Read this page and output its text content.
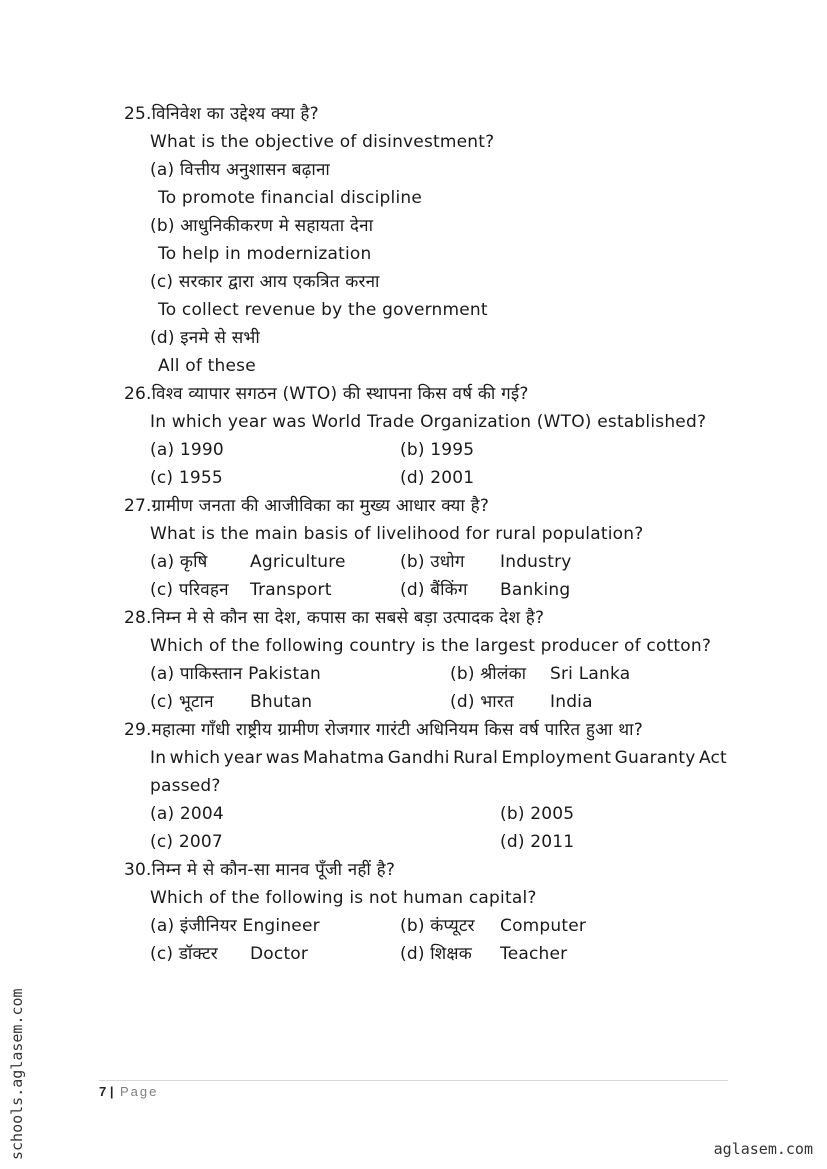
25.विनिवेश का उद्देश्य क्या है?
What is the objective of disinvestment?
(a) वित्तीय अनुशासन बढ़ाना
To promote financial discipline
(b) आधुनिकीकरण मे सहायता देना
To help in modernization
(c) सरकार द्वारा आय एकत्रित करना
To collect revenue by the government
(d) इनमे से सभी
All of these
26.विश्व व्यापार सगठन (WTO) की स्थापना किस वर्ष की गई?
In which year was World Trade Organization (WTO) established?
(a) 1990	(b) 1995
(c) 1955	(d) 2001
27.ग्रामीण जनता की आजीविका का मुख्य आधार क्या है?
What is the main basis of livelihood for rural population?
(a) कृषि Agriculture	(b) उधोग Industry
(c) परिवहन Transport	(d) बैंकिंग Banking
28.निम्न मे से कौन सा देश, कपास का सबसे बड़ा उत्पादक देश है?
Which of the following country is the largest producer of cotton?
(a) पाकिस्तान Pakistan	(b) श्रीलंका Sri Lanka
(c) भूटान Bhutan	(d) भारत India
29.महात्मा गाँधी राष्ट्रीय ग्रामीण रोजगार गारंटी अधिनियम किस वर्ष पारित हुआ था?
In which year was Mahatma Gandhi Rural Employment Guaranty Act
passed?
(a) 2004	(b) 2005
(c) 2007	(d) 2011
30.निम्न मे से कौन-सा मानव पूँजी नहीं है?
Which of the following is not human capital?
(a) इंजीनियर Engineer	(b) कंप्यूटर Computer
(c) डॉक्टर Doctor	(d) शिक्षक Teacher
7 | Page
schools.aglasem.com	aglasem.com
